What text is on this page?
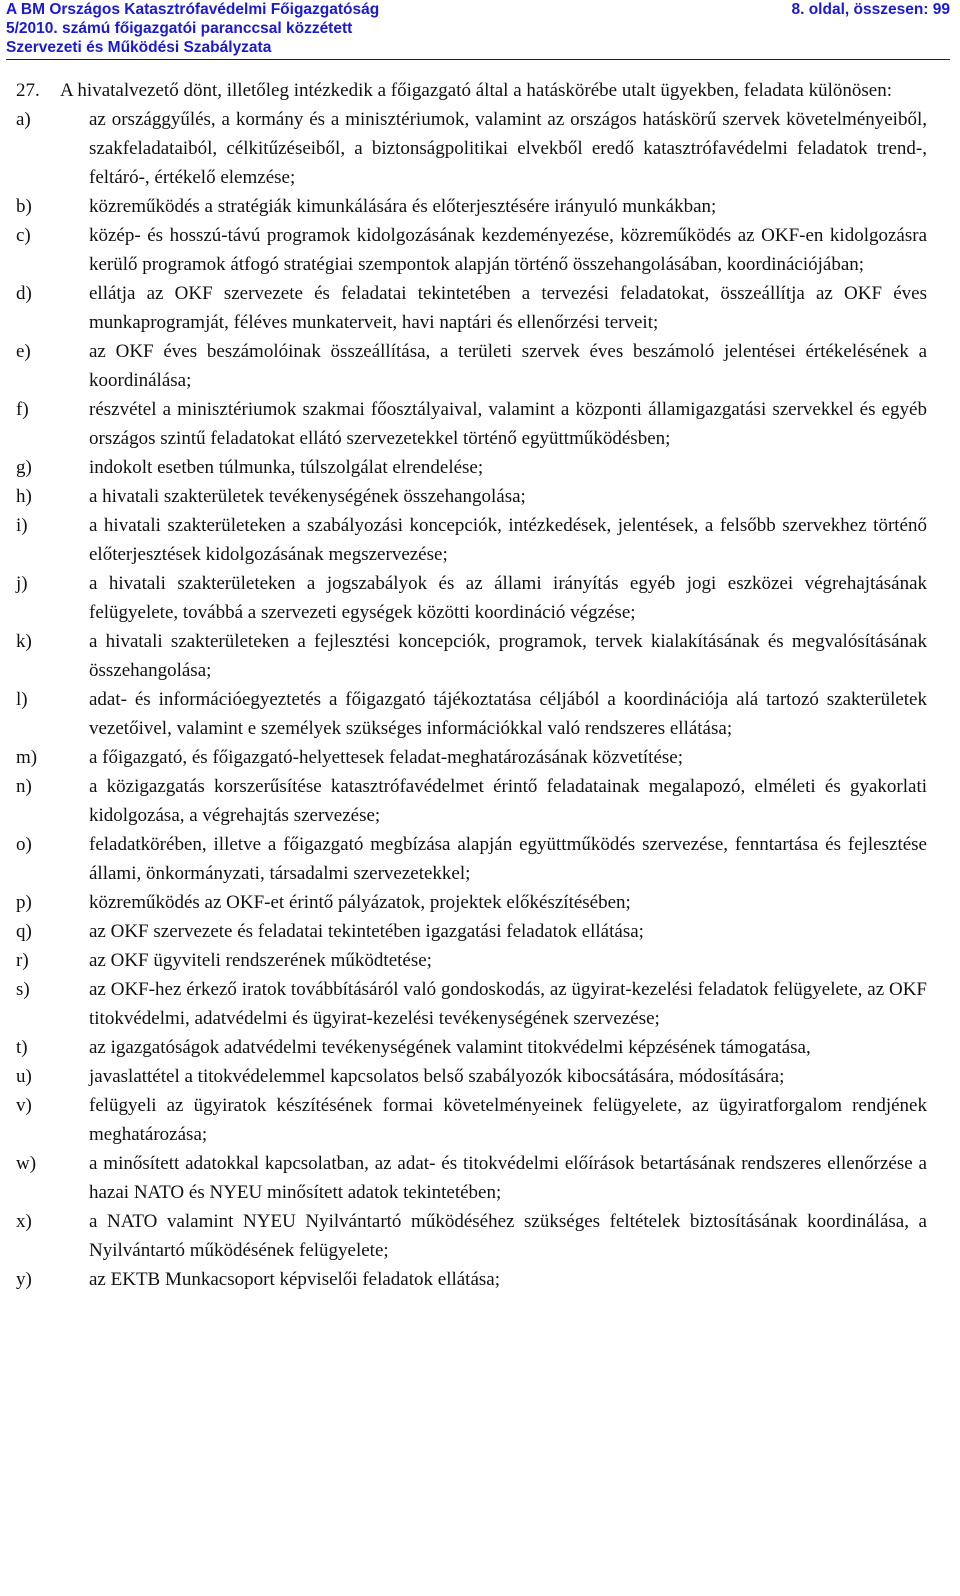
A BM Országos Katasztrófavédelmi Főigazgatóság	8. oldal, összesen: 99
5/2010. számú főigazgatói paranccsal közzétett
Szervezeti és Működési Szabályzata
27. A hivatalvezető dönt, illetőleg intézkedik a főigazgató által a hatáskörébe utalt ügyekben, feladata különösen:
a)	az országgyűlés, a kormány és a minisztériumok, valamint az országos hatáskörű szervek követelményeiből, szakfeladataiból, célkitűzéseiből, a biztonságpolitikai elvekből eredő katasztrófavédelmi feladatok trend-, feltáró-, értékelő elemzése;
b)	közreműködés a stratégiák kimunkálására és előterjesztésére irányuló munkákban;
c)	közép- és hosszú-távú programok kidolgozásának kezdeményezése, közreműködés az OKF-en kidolgozásra kerülő programok átfogó stratégiai szempontok alapján történő összehangolásában, koordinációjában;
d)	ellátja az OKF szervezete és feladatai tekintetében a tervezési feladatokat, összeállítja az OKF éves munkaprogramját, féléves munkaterveit, havi naptári és ellenőrzési terveit;
e)	az OKF éves beszámolóinak összeállítása, a területi szervek éves beszámoló jelentései értékelésének a koordinálása;
f)	részvétel a minisztériumok szakmai főosztályaival, valamint a központi államigazgatási szervekkel és egyéb országos szintű feladatokat ellátó szervezetekkel történő együttműködésben;
g)	indokolt esetben túlmunka, túlszolgálat elrendelése;
h)	a hivatali szakterületek tevékenységének összehangolása;
i)	a hivatali szakterületeken a szabályozási koncepciók, intézkedések, jelentések, a felsőbb szervekhez történő előterjesztések kidolgozásának megszervezése;
j)	a hivatali szakterületeken a jogszabályok és az állami irányítás egyéb jogi eszközei végrehajtásának felügyelete, továbbá a szervezeti egységek közötti koordináció végzése;
k)	a hivatali szakterületeken a fejlesztési koncepciók, programok, tervek kialakításának és megvalósításának összehangolása;
l)	adat- és információegyeztetés a főigazgató tájékoztatása céljából a koordinációja alá tartozó szakterületek vezetőivel, valamint e személyek szükséges információkkal való rendszeres ellátása;
m)	a főigazgató, és főigazgató-helyettesek feladat-meghatározásának közvetítése;
n)	a közigazgatás korszerűsítése katasztrófavédelmet érintő feladatainak megalapozó, elméleti és gyakorlati kidolgozása, a végrehajtás szervezése;
o)	feladatkörében, illetve a főigazgató megbízása alapján együttműködés szervezése, fenntartása és fejlesztése állami, önkormányzati, társadalmi szervezetekkel;
p)	közreműködés az OKF-et érintő pályázatok, projektek előkészítésében;
q)	az OKF szervezete és feladatai tekintetében igazgatási feladatok ellátása;
r)	az OKF ügyviteli rendszerének működtetése;
s)	az OKF-hez érkező iratok továbbításáról való gondoskodás, az ügyirat-kezelési feladatok felügyelete, az OKF titokvédelmi, adatvédelmi és ügyirat-kezelési tevékenységének szervezése;
t)	az igazgatóságok adatvédelmi tevékenységének valamint titokvédelmi képzésének támogatása,
u)	javaslattétel a titokvédelemmel kapcsolatos belső szabályozók kibocsátására, módosítására;
v)	felügyeli az ügyiratok készítésének formai követelményeinek felügyelete, az ügyiratforgalom rendjének meghatározása;
w)	a minősített adatokkal kapcsolatban, az adat- és titokvédelmi előírások betartásának rendszeres ellenőrzése a hazai NATO és NYEU minősített adatok tekintetében;
x)	a NATO valamint NYEU Nyilvántartó működéséhez szükséges feltételek biztosításának koordinálása, a Nyilvántartó működésének felügyelete;
y)	az EKTB Munkacsoport képviselői feladatok ellátása;
